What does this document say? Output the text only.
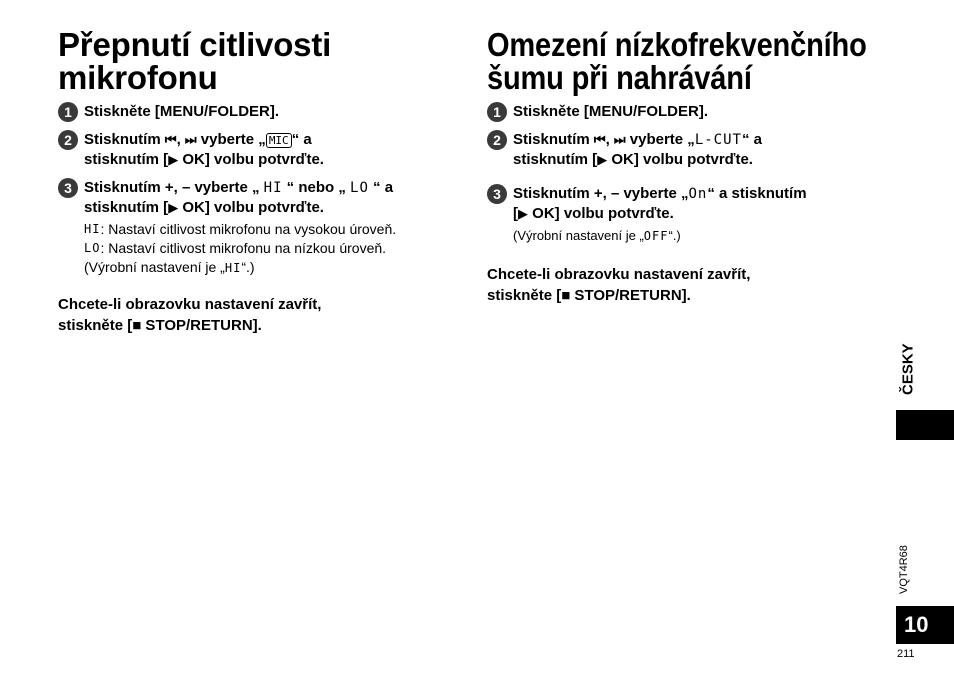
Přepnutí citlivosti
mikrofonu
1 Stiskněte [MENU/FOLDER].
2 Stisknutím ⏮, ⏭ vyberte „ MIC “ a
stisknutím [▶ OK] volbu potvrďte.
3 Stisknutím +, – vyberte „ HI “ nebo „ LO “ a
stisknutím [▶ OK] volbu potvrďte.
HI : Nastaví citlivost mikrofonu na vysokou úroveň.
LO : Nastaví citlivost mikrofonu na nízkou úroveň.
(Výrobní nastavení je „HI“.)
Chcete-li obrazovku nastavení zavřít,
stiskněte [■ STOP/RETURN].
Omezení nízkofrekvenčního
šumu při nahrávání
1 Stiskněte [MENU/FOLDER].
2 Stisknutím ⏮, ⏭ vyberte „L-CUT“ a
stisknutím [▶ OK] volbu potvrďte.
3 Stisknutím +, – vyberte „On“ a stisknutím
[▶ OK] volbu potvrďte.
(Výrobní nastavení je „OFF“.)
Chcete-li obrazovku nastavení zavřít,
stiskněte [■ STOP/RETURN].
ČESKY
VQT4R68
10
211
